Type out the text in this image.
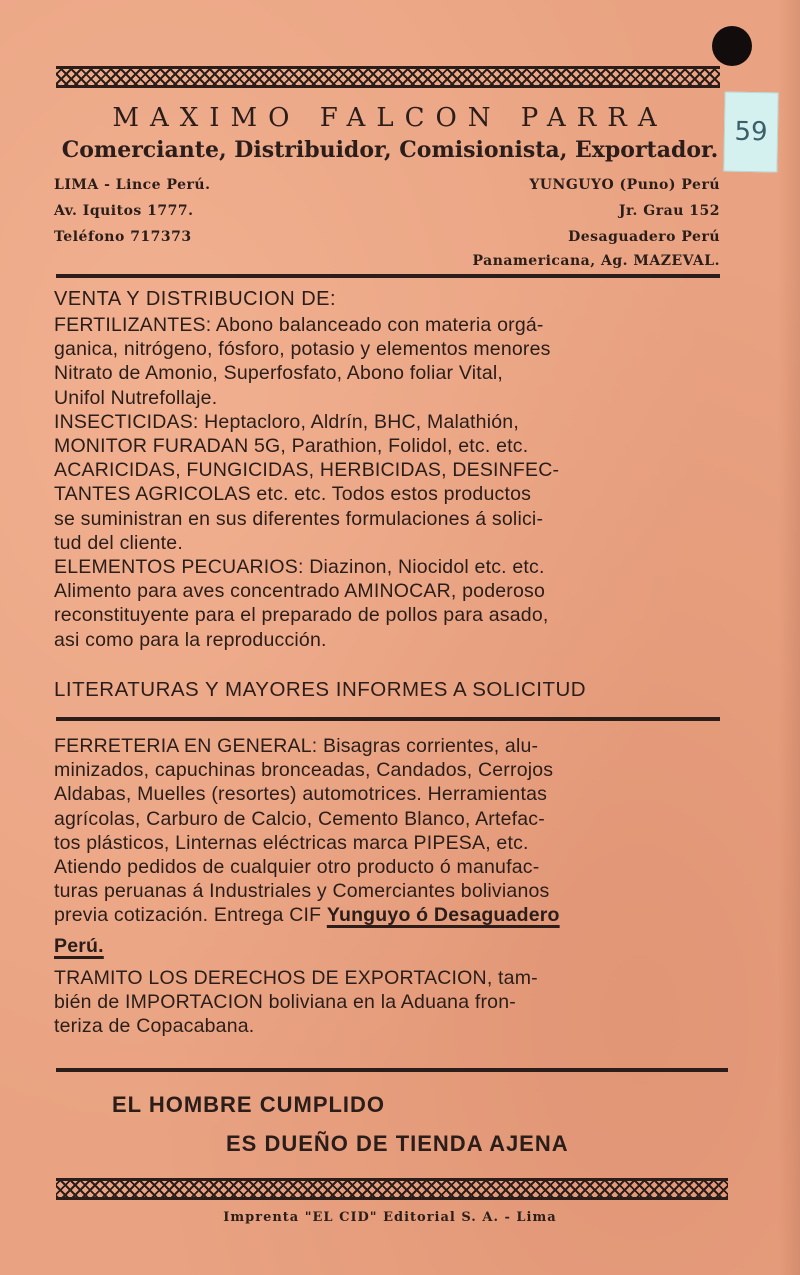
59
MAXIMO FALCON PARRA
Comerciante, Distribuidor, Comisionista, Exportador.
LIMA - Lince Perú.
Av. Iquitos 1777.
Teléfono 717373
YUNGUYO (Puno) Perú
Jr. Grau 152
Desaguadero Perú
Panamericana, Ag. MAZEVAL.
VENTA Y DISTRIBUCION DE:
FERTILIZANTES: Abono balanceado con materia orgá-
ganica, nitrógeno, fósforo, potasio y elementos menores
Nitrato de Amonio, Superfosfato, Abono foliar Vital,
Unifol Nutrefollaje.
INSECTICIDAS: Heptacloro, Aldrín, BHC, Malathión,
MONITOR FURADAN 5G, Parathion, Folidol, etc. etc.
ACARICIDAS, FUNGICIDAS, HERBICIDAS, DESINFEC-
TANTES AGRICOLAS etc. etc. Todos estos productos
se suministran en sus diferentes formulaciones á solici-
tud del cliente.
ELEMENTOS PECUARIOS: Diazinon, Niocidol etc. etc.
Alimento para aves concentrado AMINOCAR, poderoso
reconstituyente para el preparado de pollos para asado,
asi como para la reproducción.
LITERATURAS Y MAYORES INFORMES A SOLICITUD
FERRETERIA EN GENERAL: Bisagras corrientes, alu-
minizados, capuchinas bronceadas, Candados, Cerrojos
Aldabas, Muelles (resortes) automotrices. Herramientas
agrícolas, Carburo de Calcio, Cemento Blanco, Artefac-
tos plásticos, Linternas eléctricas marca PIPESA, etc.
Atiendo pedidos de cualquier otro producto ó manufac-
turas peruanas á Industriales y Comerciantes bolivianos
previa cotización. Entrega CIF Yunguyo ó Desaguadero
Perú.
TRAMITO LOS DERECHOS DE EXPORTACION, tam-
bién de IMPORTACION boliviana en la Aduana fron-
teriza de Copacabana.
EL HOMBRE CUMPLIDO
ES DUEÑO DE TIENDA AJENA
Imprenta "EL CID" Editorial S. A. - Lima
